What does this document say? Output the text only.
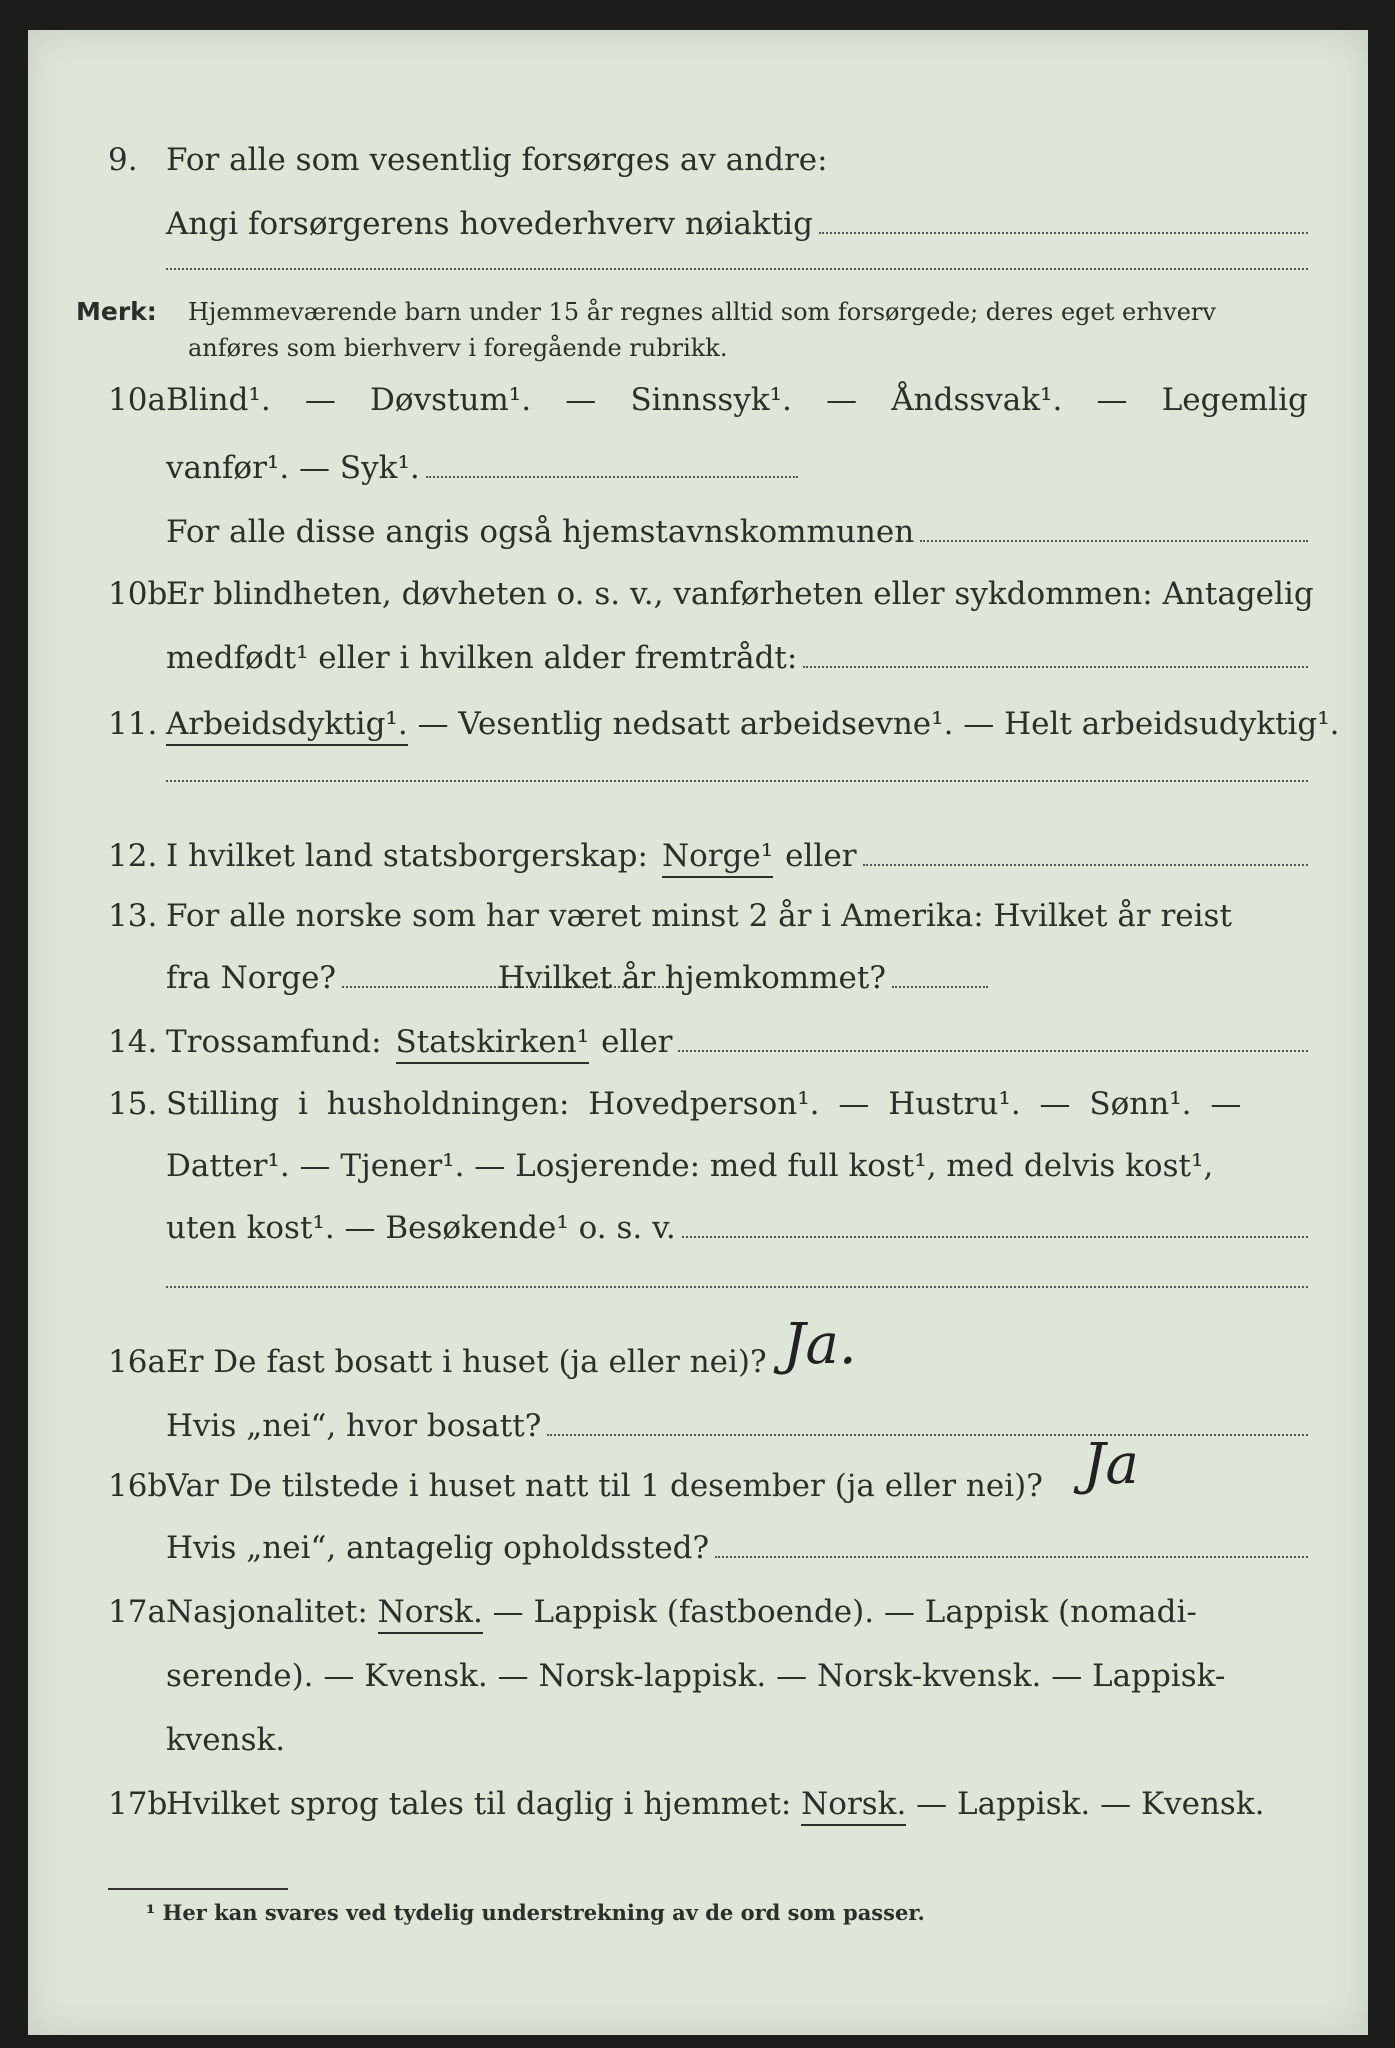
9. For alle som vesentlig forsørges av andre:
Angi forsørgerens hovederhverv nøiaktig
Merk: Hjemmeværende barn under 15 år regnes alltid som forsørgede; deres eget erhverv
anføres som bierhverv i foregående rubrikk.
10a Blind¹. — Døvstum¹. — Sinnssyk¹. — Åndssvak¹. — Legemlig
vanfør¹. — Syk¹.
For alle disse angis også hjemstavnskommunen
10b
Er blindheten, døvheten o. s. v., vanførheten eller sykdommen: Antagelig
medfødt¹ eller i hvilken alder fremtrådt:
11. Arbeidsdyktig¹. — Vesentlig nedsatt arbeidsevne¹. — Helt arbeidsudyktig¹.
12. I hvilket land statsborgerskap: Norge¹ eller
13. For alle norske som har været minst 2 år i Amerika: Hvilket år reist
fra Norge?	Hvilket år hjemkommet?
14. Trossamfund: Statskirken¹ eller
15. Stilling i husholdningen: Hovedperson¹. — Hustru¹. — Sønn¹. —
Datter¹. — Tjener¹. — Losjerende: med full kost¹, med delvis kost¹,
uten kost¹. — Besøkende¹ o. s. v.
16a Er De fast bosatt i huset (ja eller nei)? Ja.
Hvis „nei“, hvor bosatt?
16b
Var De tilstede i huset natt til 1 desember (ja eller nei)? Ja
Hvis „nei“, antagelig opholdssted?
17a Nasjonalitet: Norsk. — Lappisk (fastboende). — Lappisk (nomadi-
serende). — Kvensk. — Norsk-lappisk. — Norsk-kvensk. — Lappisk-
kvensk.
17b
Hvilket sprog tales til daglig i hjemmet: Norsk. — Lappisk. — Kvensk.
¹ Her kan svares ved tydelig understrekning av de ord som passer.
